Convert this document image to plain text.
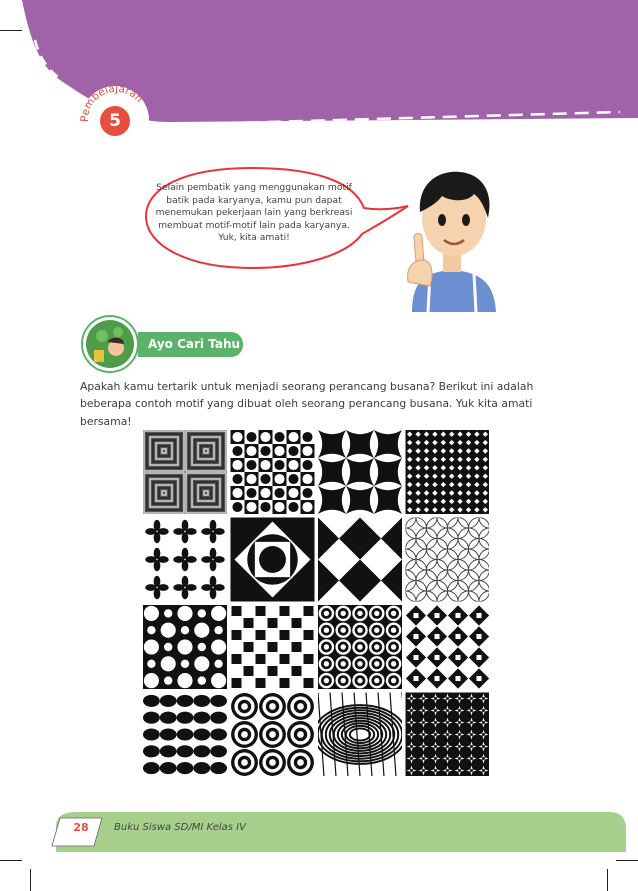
Pembelajaran
5
Selain pembatik yang menggunakan motif batik pada karyanya, kamu pun dapat menemukan pekerjaan lain yang berkreasi membuat motif-motif lain pada karyanya. Yuk, kita amati!
Ayo Cari Tahu
Apakah kamu tertarik untuk menjadi seorang perancang busana? Berikut ini adalah beberapa contoh motif yang dibuat oleh seorang perancang busana. Yuk kita amati bersama!
28	Buku Siswa SD/MI Kelas IV
